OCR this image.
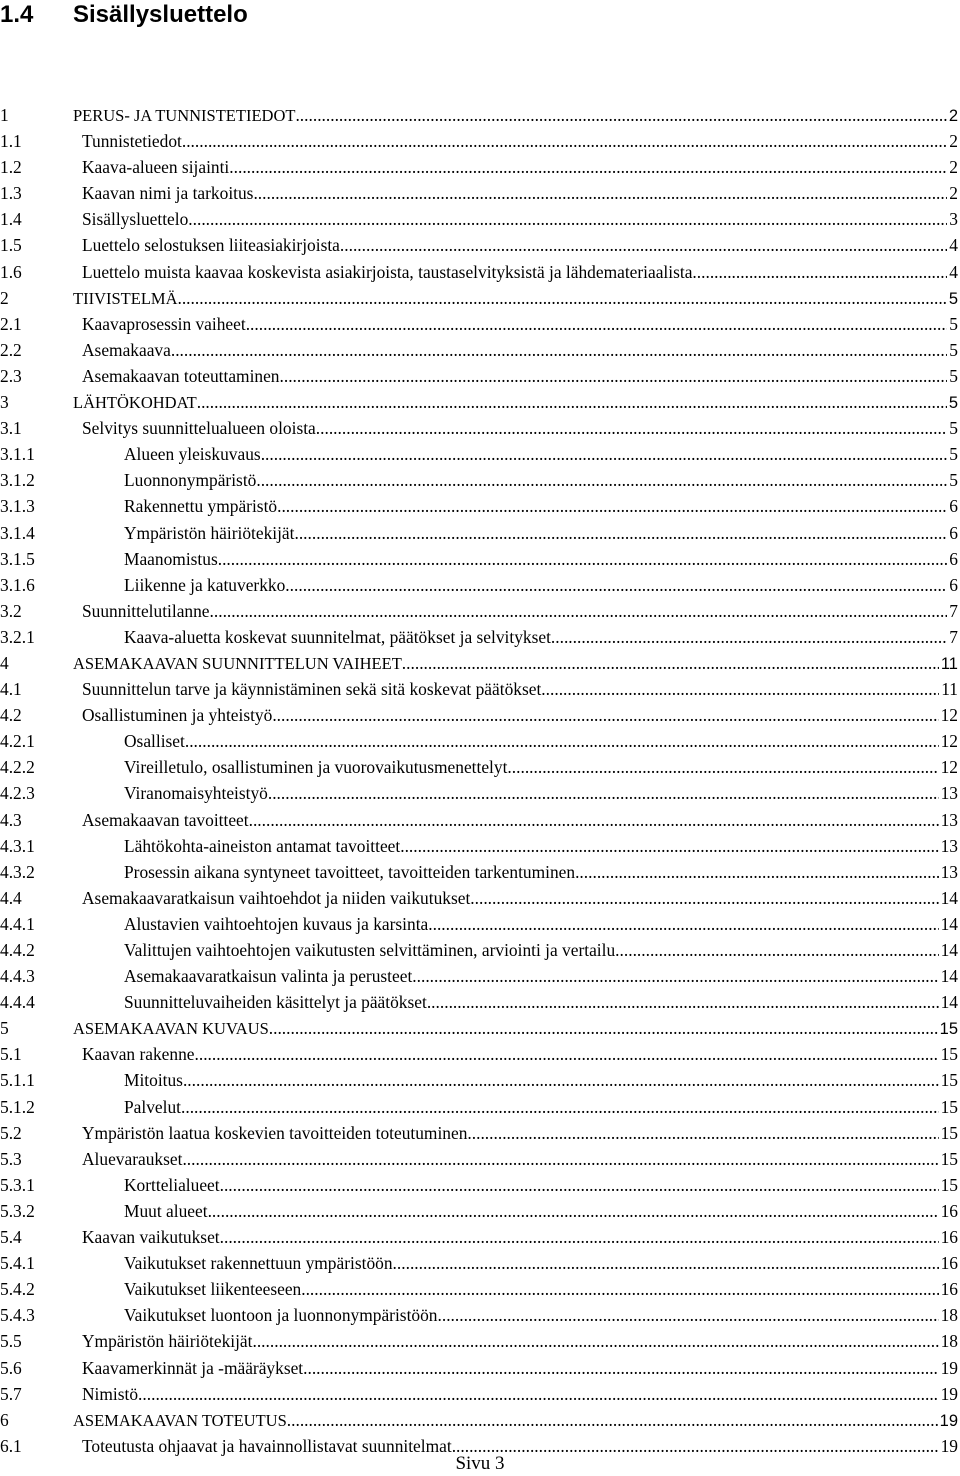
1.4 Sisällysluettelo
1	PERUS- JA TUNNISTETIEDOT .....	2
1.1	Tunnistetiedot .....	2
1.2	Kaava-alueen sijainti .....	2
1.3	Kaavan nimi ja tarkoitus .....	2
1.4	Sisällysluettelo .....	3
1.5	Luettelo selostuksen liiteasiakirjoista .....	4
1.6	Luettelo muista kaavaa koskevista asiakirjoista, taustaselvityksistä ja lähdemateriaalista .....	4
2	TIIVISTELMÄ .....	5
2.1	Kaavaprosessin vaiheet .....	5
2.2	Asemakaava .....	5
2.3	Asemakaavan toteuttaminen .....	5
3	LÄHTÖKOHDAT .....	5
3.1	Selvitys suunnittelualueen oloista .....	5
3.1.1	Alueen yleiskuvaus .....	5
3.1.2	Luonnonympäristö .....	5
3.1.3	Rakennettu ympäristö .....	6
3.1.4	Ympäristön häiriötekijät .....	6
3.1.5	Maanomistus .....	6
3.1.6	Liikenne ja katuverkko .....	6
3.2	Suunnittelutilanne .....	7
3.2.1	Kaava-aluetta koskevat suunnitelmat, päätökset ja selvitykset .....	7
4	ASEMAKAAVAN SUUNNITTELUN VAIHEET .....	11
4.1	Suunnittelun tarve ja käynnistäminen sekä sitä koskevat päätökset .....	11
4.2	Osallistuminen ja yhteistyö .....	12
4.2.1	Osalliset .....	12
4.2.2	Vireilletulo, osallistuminen ja vuorovaikutusmenettelyt .....	12
4.2.3	Viranomaisyhteistyö .....	13
4.3	Asemakaavan tavoitteet .....	13
4.3.1	Lähtökohta-aineiston antamat tavoitteet .....	13
4.3.2	Prosessin aikana syntyneet tavoitteet, tavoitteiden tarkentuminen .....	13
4.4	Asemakaavaratkaisun vaihtoehdot ja niiden vaikutukset .....	14
4.4.1	Alustavien vaihtoehtojen kuvaus ja karsinta .....	14
4.4.2	Valittujen vaihtoehtojen vaikutusten selvittäminen, arviointi ja vertailu .....	14
4.4.3	Asemakaavaratkaisun valinta ja perusteet .....	14
4.4.4	Suunnitteluvaiheiden käsittelyt ja päätökset .....	14
5	ASEMAKAAVAN KUVAUS .....	15
5.1	Kaavan rakenne .....	15
5.1.1	Mitoitus .....	15
5.1.2	Palvelut .....	15
5.2	Ympäristön laatua koskevien tavoitteiden toteutuminen .....	15
5.3	Aluevaraukset .....	15
5.3.1	Korttelialueet .....	15
5.3.2	Muut alueet .....	16
5.4	Kaavan vaikutukset .....	16
5.4.1	Vaikutukset rakennettuun ympäristöön .....	16
5.4.2	Vaikutukset liikenteeseen .....	16
5.4.3	Vaikutukset luontoon ja luonnonympäristöön .....	18
5.5	Ympäristön häiriötekijät .....	18
5.6	Kaavamerkinnät ja -määräykset .....	19
5.7	Nimistö .....	19
6	ASEMAKAAVAN TOTEUTUS .....	19
6.1	Toteutusta ohjaavat ja havainnollistavat suunnitelmat .....	19
Sivu 3
